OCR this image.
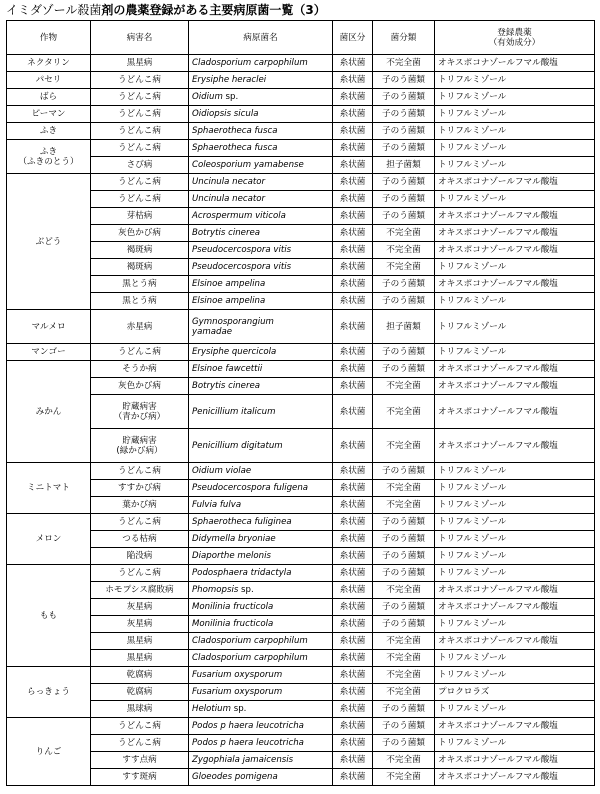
イミダゾール殺菌剤の農薬登録がある主要病原菌一覧（3）
作物	病害名	病原菌名	菌区分	菌分類	登録農薬
（有効成分）

ネクタリン	黒星病	Cladosporium carpophilum	糸状菌	不完全菌	オキスポコナゾールフマル酸塩

パセリ	うどんこ病	Erysiphe heraclei	糸状菌	子のう菌類	トリフルミゾール

ばら	うどんこ病	Oidium sp.	糸状菌	子のう菌類	トリフルミゾール

ピーマン	うどんこ病	Oidiopsis sicula	糸状菌	子のう菌類	トリフルミゾール

ふき	うどんこ病	Sphaerotheca fusca	糸状菌	子のう菌類	トリフルミゾール

ふき
（ふきのとう）	うどんこ病	Sphaerotheca fusca	糸状菌	子のう菌類	トリフルミゾール

	さび病	Coleosporium yamabense	糸状菌	担子菌類	トリフルミゾール

ぶどう	うどんこ病	Uncinula necator	糸状菌	子のう菌類	オキスポコナゾールフマル酸塩

	うどんこ病	Uncinula necator	糸状菌	子のう菌類	トリフルミゾール

	芽枯病	Acrospermum viticola	糸状菌	子のう菌類	オキスポコナゾールフマル酸塩

	灰色かび病	Botrytis cinerea	糸状菌	不完全菌	オキスポコナゾールフマル酸塩

	褐斑病	Pseudocercospora vitis	糸状菌	不完全菌	オキスポコナゾールフマル酸塩

	褐斑病	Pseudocercospora vitis	糸状菌	不完全菌	トリフルミゾール

	黒とう病	Elsinoe ampelina	糸状菌	子のう菌類	オキスポコナゾールフマル酸塩

	黒とう病	Elsinoe ampelina	糸状菌	子のう菌類	トリフルミゾール

マルメロ	赤星病	Gymnosporangium
yamadae	糸状菌	担子菌類	トリフルミゾール

マンゴー	うどんこ病	Erysiphe quercicola	糸状菌	子のう菌類	トリフルミゾール

みかん	そうか病	Elsinoe fawcettii	糸状菌	子のう菌類	オキスポコナゾールフマル酸塩

	灰色かび病	Botrytis cinerea	糸状菌	不完全菌	オキスポコナゾールフマル酸塩

	貯蔵病害
（青かび病）	Penicillium italicum	糸状菌	不完全菌	オキスポコナゾールフマル酸塩

	貯蔵病害
(緑かび病）	Penicillium digitatum	糸状菌	不完全菌	オキスポコナゾールフマル酸塩

ミニトマト	うどんこ病	Oidium violae	糸状菌	子のう菌類	トリフルミゾール

	すすかび病	Pseudocercospora fuligena	糸状菌	不完全菌	トリフルミゾール

	葉かび病	Fulvia fulva	糸状菌	不完全菌	トリフルミゾール

メロン	うどんこ病	Sphaerotheca fuliginea	糸状菌	子のう菌類	トリフルミゾール

	つる枯病	Didymella bryoniae	糸状菌	子のう菌類	トリフルミゾール

	陥没病	Diaporthe melonis	糸状菌	子のう菌類	トリフルミゾール

もも	うどんこ病	Podosphaera tridactyla	糸状菌	子のう菌類	トリフルミゾール

	ホモプシス腐敗病	Phomopsis sp.	糸状菌	不完全菌	オキスポコナゾールフマル酸塩

	灰星病	Monilinia fructicola	糸状菌	子のう菌類	オキスポコナゾールフマル酸塩

	灰星病	Monilinia fructicola	糸状菌	子のう菌類	トリフルミゾール

	黒星病	Cladosporium carpophilum	糸状菌	不完全菌	オキスポコナゾールフマル酸塩

	黒星病	Cladosporium carpophilum	糸状菌	不完全菌	トリフルミゾール

らっきょう	乾腐病	Fusarium oxysporum	糸状菌	不完全菌	トリフルミゾール

	乾腐病	Fusarium oxysporum	糸状菌	不完全菌	プロクロラズ

	黒球病	Helotium sp.	糸状菌	子のう菌類	トリフルミゾール

りんご	うどんこ病	Podos p haera leucotricha	糸状菌	子のう菌類	オキスポコナゾールフマル酸塩

	うどんこ病	Podos p haera leucotricha	糸状菌	子のう菌類	トリフルミゾール

	すす点病	Zygophiala jamaicensis	糸状菌	不完全菌	オキスポコナゾールフマル酸塩

	すす斑病	Gloeodes pomigena	糸状菌	不完全菌	オキスポコナゾールフマル酸塩
